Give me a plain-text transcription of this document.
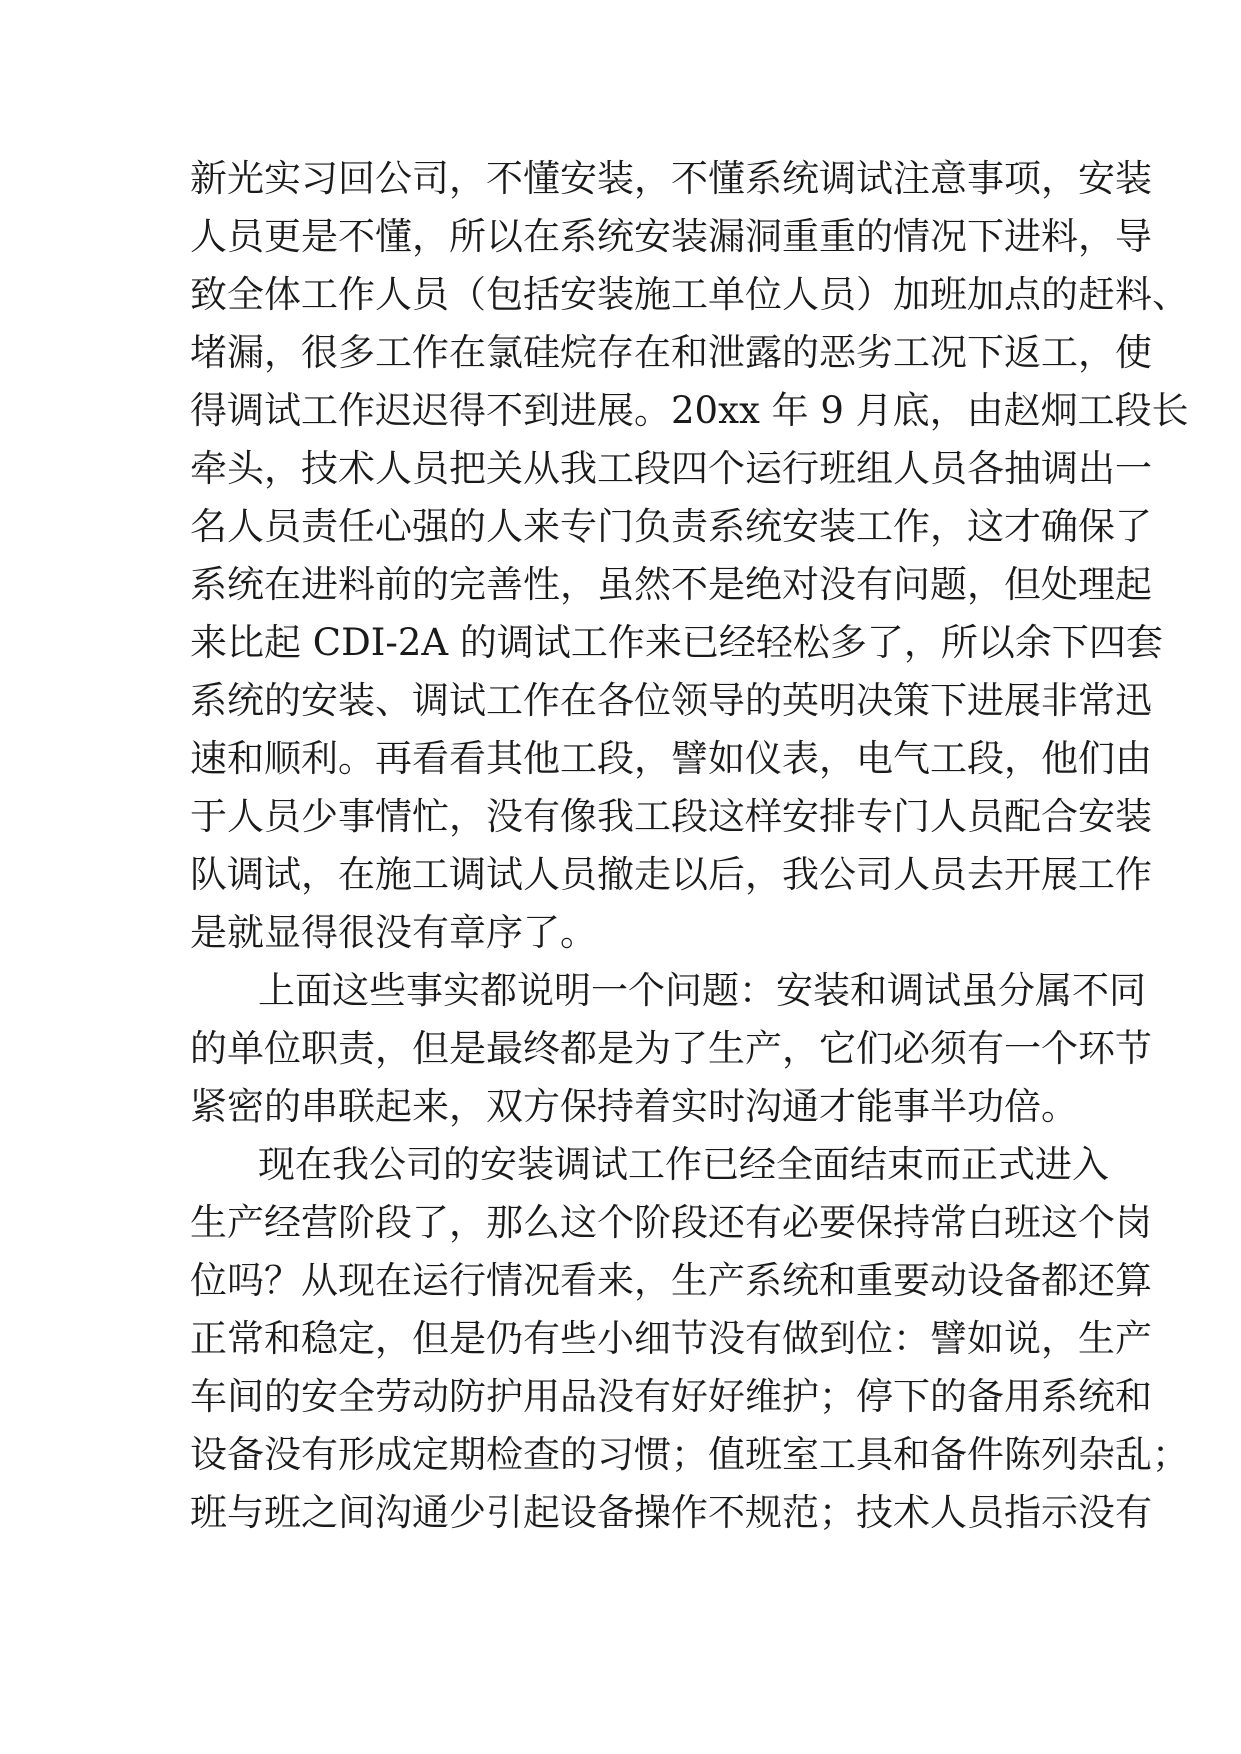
新光实习回公司，不懂安装，不懂系统调试注意事项，安装
人员更是不懂，所以在系统安装漏洞重重的情况下进料，导
致全体工作人员（包括安装施工单位人员）加班加点的赶料、
堵漏，很多工作在氯硅烷存在和泄露的恶劣工况下返工，使
得调试工作迟迟得不到进展。20xx 年 9 月底，由赵炯工段长
牵头，技术人员把关从我工段四个运行班组人员各抽调出一
名人员责任心强的人来专门负责系统安装工作，这才确保了
系统在进料前的完善性，虽然不是绝对没有问题，但处理起
来比起 CDI-2A 的调试工作来已经轻松多了，所以余下四套
系统的安装、调试工作在各位领导的英明决策下进展非常迅
速和顺利。再看看其他工段，譬如仪表，电气工段，他们由
于人员少事情忙，没有像我工段这样安排专门人员配合安装
队调试，在施工调试人员撤走以后，我公司人员去开展工作
是就显得很没有章序了。
上面这些事实都说明一个问题：安装和调试虽分属不同
的单位职责，但是最终都是为了生产，它们必须有一个环节
紧密的串联起来，双方保持着实时沟通才能事半功倍。
现在我公司的安装调试工作已经全面结束而正式进入
生产经营阶段了，那么这个阶段还有必要保持常白班这个岗
位吗？从现在运行情况看来，生产系统和重要动设备都还算
正常和稳定，但是仍有些小细节没有做到位：譬如说，生产
车间的安全劳动防护用品没有好好维护；停下的备用系统和
设备没有形成定期检查的习惯；值班室工具和备件陈列杂乱；
班与班之间沟通少引起设备操作不规范；技术人员指示没有
